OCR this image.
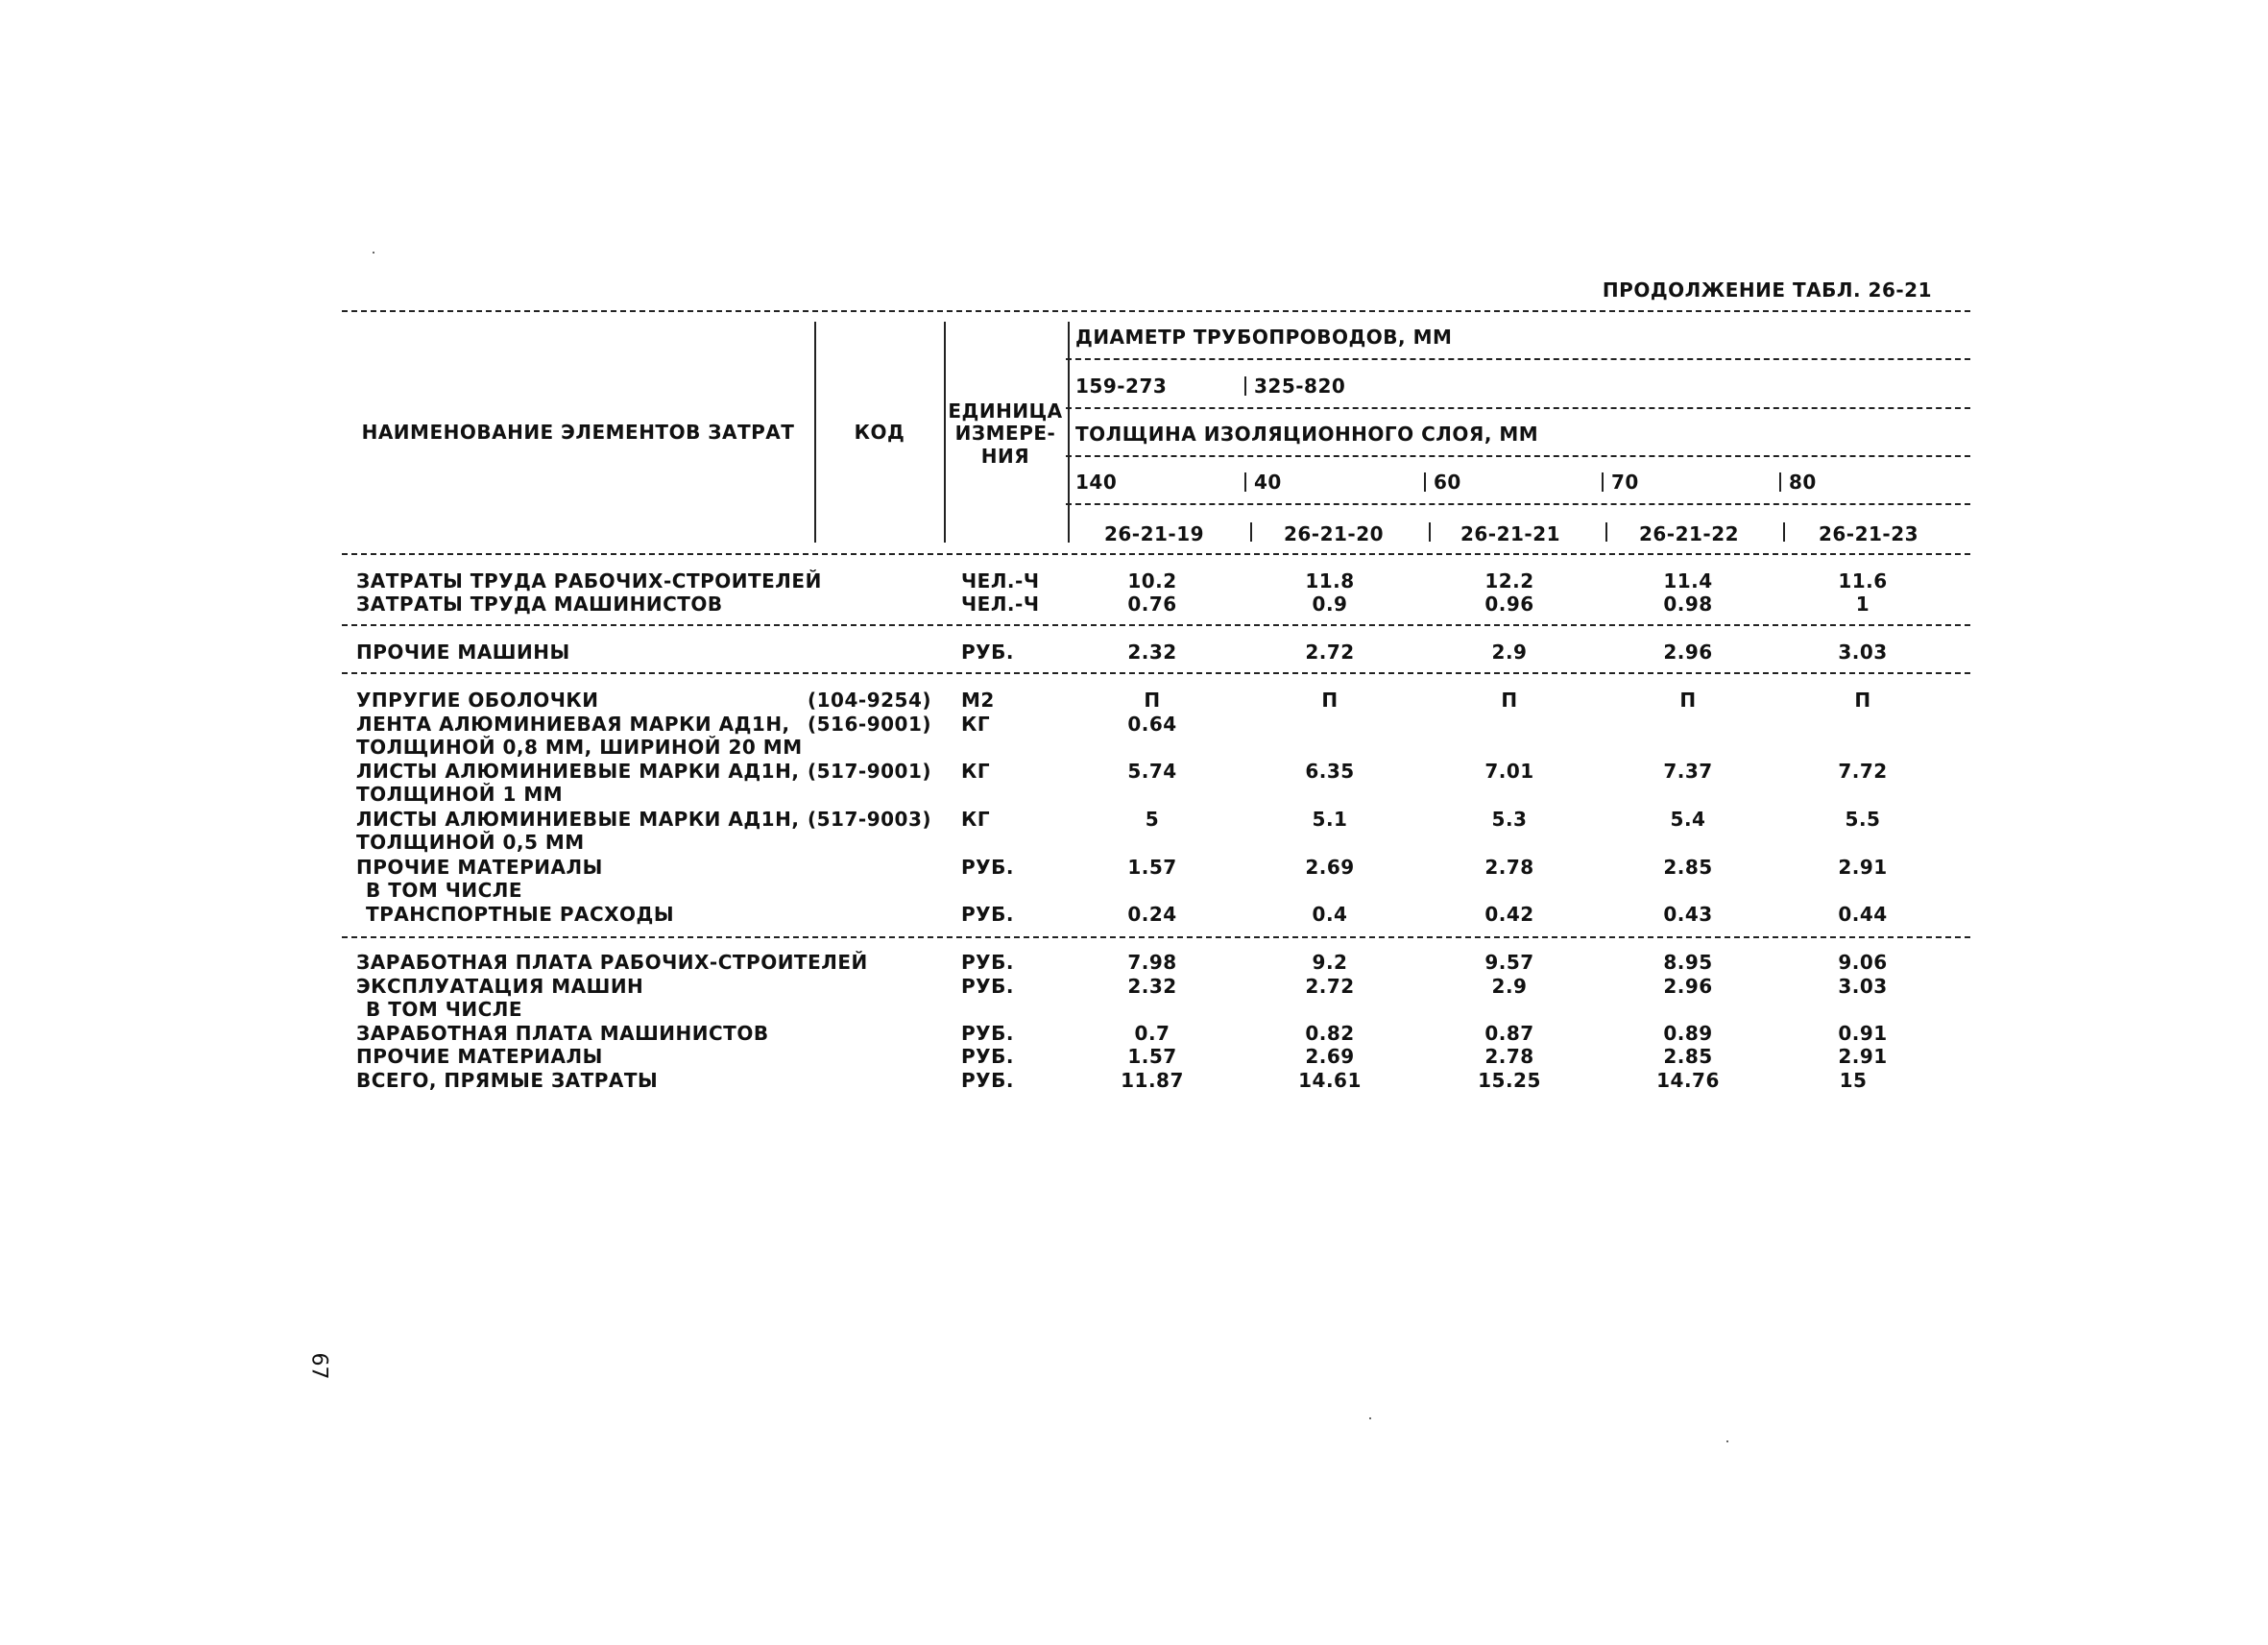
ПРОДОЛЖЕНИЕ ТАБЛ. 26-21
НАИМЕНОВАНИЕ ЭЛЕМЕНТОВ ЗАТРАТ	КОД
ЕДИНИЦА
ИЗМЕРЕ-
НИЯ
ДИАМЕТР ТРУБОПРОВОДОВ, ММ
159-273	325-820
ТОЛЩИНА ИЗОЛЯЦИОННОГО СЛОЯ, ММ
140	40	60	70	80
26-21-19	26-21-20	26-21-21	26-21-22	26-21-23
ЗАТРАТЫ ТРУДА РАБОЧИХ-СТРОИТЕЛЕЙ	ЧЕЛ.-Ч	10.2	11.8	12.2	11.4	11.6
ЗАТРАТЫ ТРУДА МАШИНИСТОВ	ЧЕЛ.-Ч	0.76	0.9	0.96	0.98	1
ПРОЧИЕ МАШИНЫ	РУБ.	2.32	2.72	2.9	2.96	3.03
УПРУГИЕ ОБОЛОЧКИ	(104-9254) М2	П	П	П	П	П
ЛЕНТА АЛЮМИНИЕВАЯ МАРКИ АД1Н,
ТОЛЩИНОЙ 0,8 ММ, ШИРИНОЙ 20 ММ
(516-9001) КГ	0.64
ЛИСТЫ АЛЮМИНИЕВЫЕ МАРКИ АД1Н,
ТОЛЩИНОЙ 1 ММ
(517-9001) КГ	5.74	6.35	7.01	7.37	7.72
ЛИСТЫ АЛЮМИНИЕВЫЕ МАРКИ АД1Н,
ТОЛЩИНОЙ 0,5 ММ
(517-9003) КГ	5	5.1	5.3	5.4	5.5
ПРОЧИЕ МАТЕРИАЛЫ
В ТОМ ЧИСЛЕ
РУБ.	1.57	2.69	2.78	2.85	2.91
ТРАНСПОРТНЫЕ РАСХОДЫ	РУБ.	0.24	0.4	0.42	0.43	0.44
ЗАРАБОТНАЯ ПЛАТА РАБОЧИХ-СТРОИТЕЛЕЙ	РУБ.	7.98	9.2	9.57	8.95	9.06
ЭКСПЛУАТАЦИЯ МАШИН
В ТОМ ЧИСЛЕ
РУБ.	2.32	2.72	2.9	2.96	3.03
ЗАРАБОТНАЯ ПЛАТА МАШИНИСТОВ	РУБ.	0.7	0.82	0.87	0.89	0.91
ПРОЧИЕ МАТЕРИАЛЫ	РУБ.	1.57	2.69	2.78	2.85	2.91
ВСЕГО, ПРЯМЫЕ ЗАТРАТЫ	РУБ.	11.87	14.61	15.25	14.76	15
67
